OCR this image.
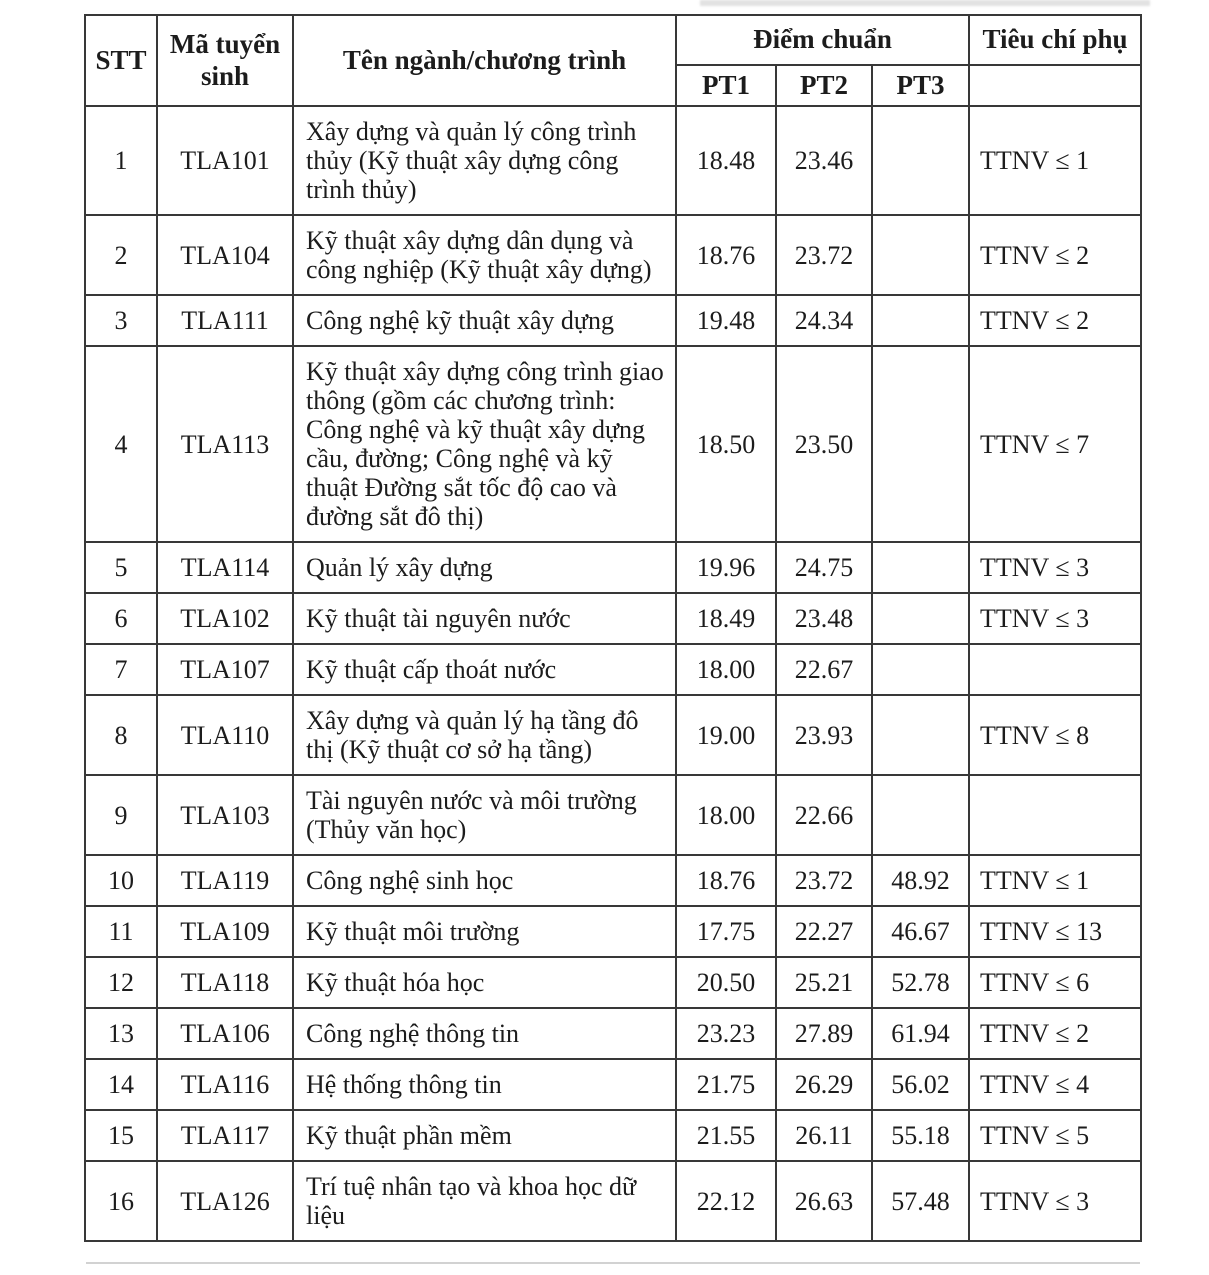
STT	Mã tuyển sinh	Tên ngành/chương trình	Điểm chuẩn			Tiêu chí phụ
			PT1	PT2	PT3	
1	TLA101	Xây dựng và quản lý công trình thủy (Kỹ thuật xây dựng công trình thủy)	18.48	23.46		TTNV ≤ 1
2	TLA104	Kỹ thuật xây dựng dân dụng và công nghiệp (Kỹ thuật xây dựng)	18.76	23.72		TTNV ≤ 2
3	TLA111	Công nghệ kỹ thuật xây dựng	19.48	24.34		TTNV ≤ 2
4	TLA113	Kỹ thuật xây dựng công trình giao thông (gồm các chương trình: Công nghệ và kỹ thuật xây dựng cầu, đường; Công nghệ và kỹ thuật Đường sắt tốc độ cao và đường sắt đô thị)	18.50	23.50		TTNV ≤ 7
5	TLA114	Quản lý xây dựng	19.96	24.75		TTNV ≤ 3
6	TLA102	Kỹ thuật tài nguyên nước	18.49	23.48		TTNV ≤ 3
7	TLA107	Kỹ thuật cấp thoát nước	18.00	22.67		
8	TLA110	Xây dựng và quản lý hạ tầng đô thị (Kỹ thuật cơ sở hạ tầng)	19.00	23.93		TTNV ≤ 8
9	TLA103	Tài nguyên nước và môi trường (Thủy văn học)	18.00	22.66		
10	TLA119	Công nghệ sinh học	18.76	23.72	48.92	TTNV ≤ 1
11	TLA109	Kỹ thuật môi trường	17.75	22.27	46.67	TTNV ≤ 13
12	TLA118	Kỹ thuật hóa học	20.50	25.21	52.78	TTNV ≤ 6
13	TLA106	Công nghệ thông tin	23.23	27.89	61.94	TTNV ≤ 2
14	TLA116	Hệ thống thông tin	21.75	26.29	56.02	TTNV ≤ 4
15	TLA117	Kỹ thuật phần mềm	21.55	26.11	55.18	TTNV ≤ 5
16	TLA126	Trí tuệ nhân tạo và khoa học dữ liệu	22.12	26.63	57.48	TTNV ≤ 3
